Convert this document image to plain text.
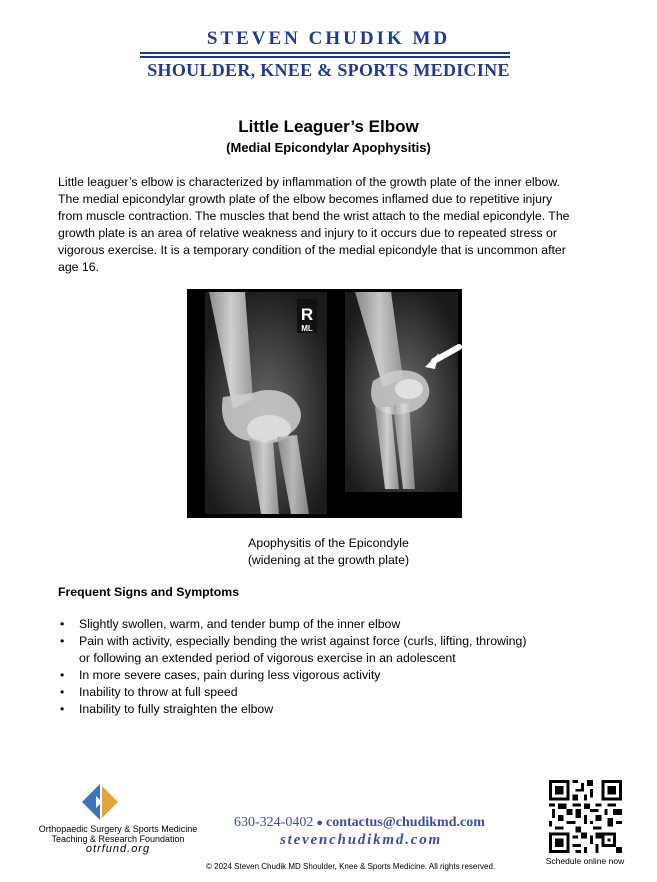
STEVEN CHUDIK MD
SHOULDER, KNEE & SPORTS MEDICINE
Little Leaguer’s Elbow
(Medial Epicondylar Apophysitis)
Little leaguer’s elbow is characterized by inflammation of the growth plate of the inner elbow.
The medial epicondylar growth plate of the elbow becomes inflamed due to repetitive injury
from muscle contraction. The muscles that bend the wrist attach to the medial epicondyle. The
growth plate is an area of relative weakness and injury to it occurs due to repeated stress or
vigorous exercise. It is a temporary condition of the medial epicondyle that is uncommon after
age 16.
R
ML
Apophysitis of the Epicondyle
(widening at the growth plate)
Frequent Signs and Symptoms
• Slightly swollen, warm, and tender bump of the inner elbow
• Pain with activity, especially bending the wrist against force (curls, lifting, throwing)
or following an extended period of vigorous exercise in an adolescent
• In more severe cases, pain during less vigorous activity
• Inability to throw at full speed
• Inability to fully straighten the elbow
Orthopaedic Surgery & Sports Medicine
Teaching & Research Foundation
otrfund.org
630-324-0402 ● contactus@chudikmd.com
stevenchudikmd.com
© 2024 Steven Chudik MD Shoulder, Knee & Sports Medicine. All rights reserved.
Schedule online now
